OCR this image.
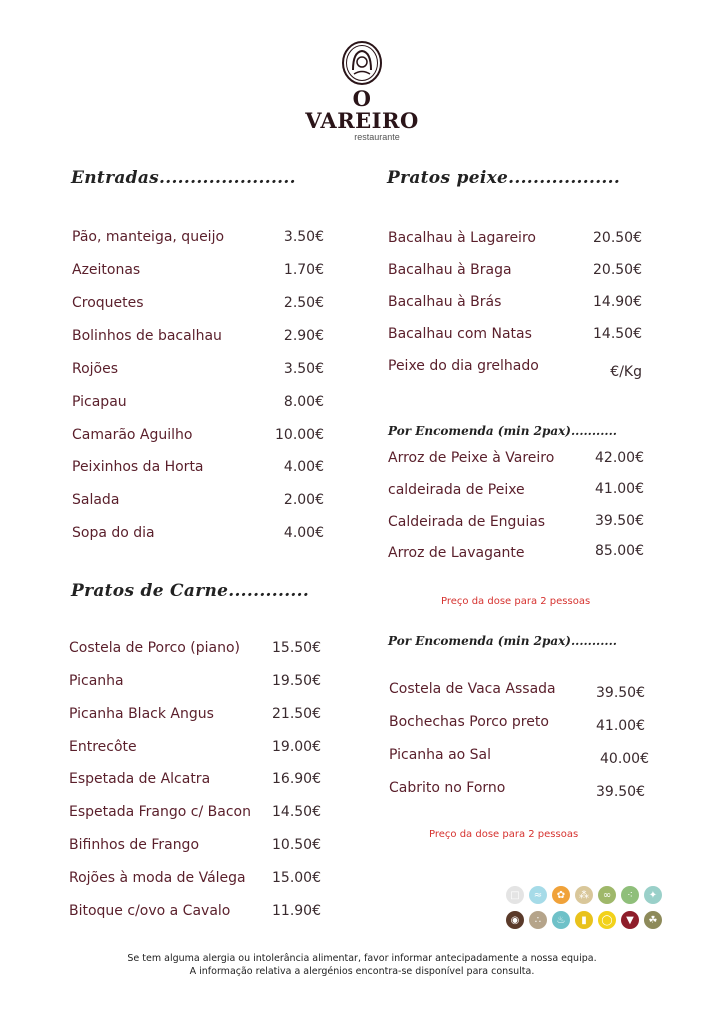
O VAREIRO
restaurante
Entradas......................
Pão, manteiga, queijo	3.50€
Azeitonas	1.70€
Croquetes	2.50€
Bolinhos de bacalhau	2.90€
Rojões	3.50€
Picapau	8.00€
Camarão Aguilho	10.00€
Peixinhos da Horta	4.00€
Salada	2.00€
Sopa do dia	4.00€
Pratos de Carne.............
Costela de Porco (piano) 15.50€
Picanha	19.50€
Picanha Black Angus	21.50€
Entrecôte	19.00€
Espetada de Alcatra	16.90€
Espetada Frango c/ Bacon 14.50€
Bifinhos de Frango	10.50€
Rojões à moda de Válega 15.00€
Bitoque c/ovo a Cavalo	11.90€
Pratos peixe..................
Bacalhau à Lagareiro	20.50€
Bacalhau à Braga	20.50€
Bacalhau à Brás	14.90€
Bacalhau com Natas	14.50€
Peixe do dia grelhado	€/Kg
Por Encomenda (min 2pax)...........
Arroz de Peixe à Vareiro	42.00€
caldeirada de Peixe	41.00€
Caldeirada de Enguias	39.50€
Arroz de Lavagante	85.00€
Preço da dose para 2 pessoas
Por Encomenda (min 2pax)...........
Costela de Vaca Assada	39.50€
Bochechas Porco preto	41.00€
Picanha ao Sal	40.00€
Cabrito no Forno	39.50€
Preço da dose para 2 pessoas
□	≈	✿	⁂	∞	⁖	✦
◉	∴	♨	▮	◯	▼	☘
Se tem alguma alergia ou intolerância alimentar, favor informar antecipadamente a nossa equipa.
A informação relativa a alergénios encontra-se disponível para consulta.
